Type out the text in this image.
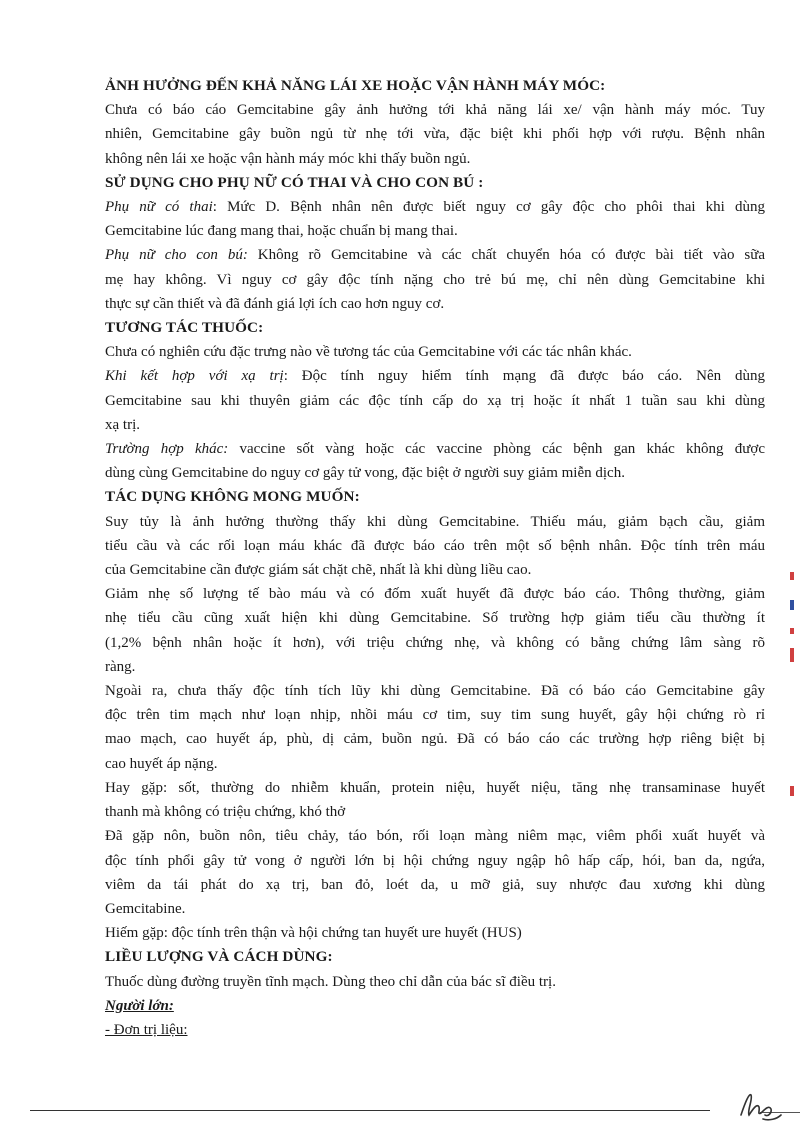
ẢNH HƯỞNG ĐẾN KHẢ NĂNG LÁI XE HOẶC VẬN HÀNH MÁY MÓC:
Chưa có báo cáo Gemcitabine gây ảnh hưởng tới khả năng lái xe/ vận hành máy móc. Tuy
nhiên, Gemcitabine gây buồn ngủ từ nhẹ tới vừa, đặc biệt khi phối hợp với rượu. Bệnh nhân
không nên lái xe hoặc vận hành máy móc khi thấy buồn ngủ.
SỬ DỤNG CHO PHỤ NỮ CÓ THAI VÀ CHO CON BÚ :
Phụ nữ có thai: Mức D. Bệnh nhân nên được biết nguy cơ gây độc cho phôi thai khi dùng
Gemcitabine lúc đang mang thai, hoặc chuẩn bị mang thai.
Phụ nữ cho con bú: Không rõ Gemcitabine và các chất chuyển hóa có được bài tiết vào sữa
mẹ hay không. Vì nguy cơ gây độc tính nặng cho trẻ bú mẹ, chỉ nên dùng Gemcitabine khi
thực sự cần thiết và đã đánh giá lợi ích cao hơn nguy cơ.
TƯƠNG TÁC THUỐC:
Chưa có nghiên cứu đặc trưng nào về tương tác của Gemcitabine với các tác nhân khác.
Khi kết hợp với xạ trị: Độc tính nguy hiểm tính mạng đã được báo cáo. Nên dùng
Gemcitabine sau khi thuyên giảm các độc tính cấp do xạ trị hoặc ít nhất 1 tuần sau khi dùng
xạ trị.
Trường hợp khác: vaccine sốt vàng hoặc các vaccine phòng các bệnh gan khác không được
dùng cùng Gemcitabine do nguy cơ gây tử vong, đặc biệt ở người suy giảm miễn dịch.
TÁC DỤNG KHÔNG MONG MUỐN:
Suy tủy là ảnh hưởng thường thấy khi dùng Gemcitabine. Thiếu máu, giảm bạch cầu, giảm
tiểu cầu và các rối loạn máu khác đã được báo cáo trên một số bệnh nhân. Độc tính trên máu
của Gemcitabine cần được giám sát chặt chẽ, nhất là khi dùng liều cao.
Giảm nhẹ số lượng tế bào máu và có đốm xuất huyết đã được báo cáo. Thông thường, giảm
nhẹ tiểu cầu cũng xuất hiện khi dùng Gemcitabine. Số trường hợp giảm tiểu cầu thường ít
(1,2% bệnh nhân hoặc ít hơn), với triệu chứng nhẹ, và không có bằng chứng lâm sàng rõ
ràng.
Ngoài ra, chưa thấy độc tính tích lũy khi dùng Gemcitabine. Đã có báo cáo Gemcitabine gây
độc trên tim mạch như loạn nhịp, nhồi máu cơ tim, suy tim sung huyết, gây hội chứng rò rỉ
mao mạch, cao huyết áp, phù, dị cảm, buồn ngủ. Đã có báo cáo các trường hợp riêng biệt bị
cao huyết áp nặng.
Hay gặp: sốt, thường do nhiễm khuẩn, protein niệu, huyết niệu, tăng nhẹ transaminase huyết
thanh mà không có triệu chứng, khó thở
Đã gặp nôn, buồn nôn, tiêu chảy, táo bón, rối loạn màng niêm mạc, viêm phổi xuất huyết và
độc tính phổi gây tử vong ở người lớn bị hội chứng nguy ngập hô hấp cấp, hói, ban da, ngứa,
viêm da tái phát do xạ trị, ban đỏ, loét da, u mỡ giả, suy nhược đau xương khi dùng
Gemcitabine.
Hiếm gặp: độc tính trên thận và hội chứng tan huyết ure huyết (HUS)
LIỀU LƯỢNG VÀ CÁCH DÙNG:
Thuốc dùng đường truyền tĩnh mạch. Dùng theo chỉ dẫn của bác sĩ điều trị.
Người lớn:
- Đơn trị liệu:
